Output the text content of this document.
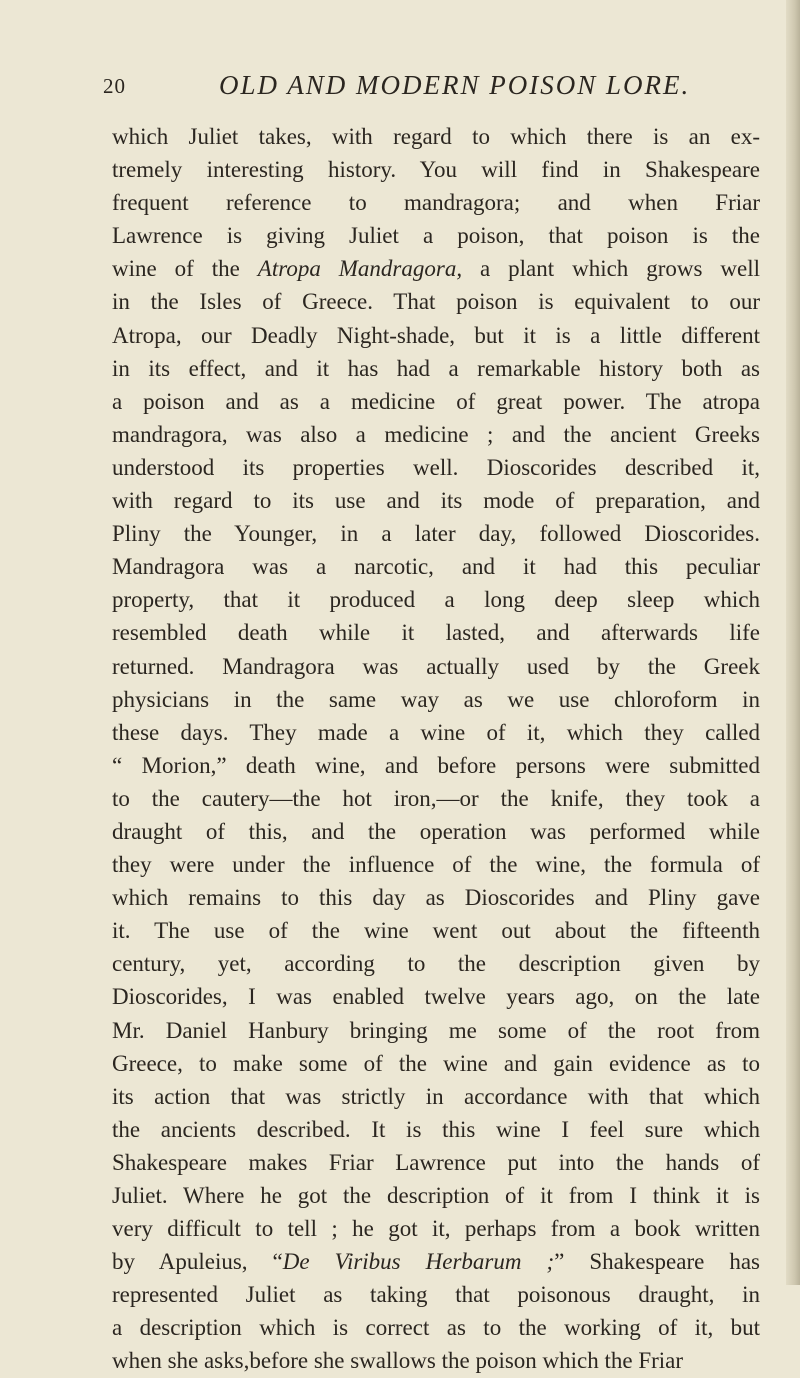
20	OLD AND MODERN POISON LORE.
which Juliet takes, with regard to which there is an ex-
tremely interesting history. You will find in Shakespeare
frequent reference to mandragora; and when Friar
Lawrence is giving Juliet a poison, that poison is the
wine of the Atropa Mandragora, a plant which grows well
in the Isles of Greece. That poison is equivalent to our
Atropa, our Deadly Night-shade, but it is a little different
in its effect, and it has had a remarkable history both as
a poison and as a medicine of great power. The atropa
mandragora, was also a medicine ; and the ancient Greeks
understood its properties well. Dioscorides described it,
with regard to its use and its mode of preparation, and
Pliny the Younger, in a later day, followed Dioscorides.
Mandragora was a narcotic, and it had this peculiar
property, that it produced a long deep sleep which
resembled death while it lasted, and afterwards life
returned. Mandragora was actually used by the Greek
physicians in the same way as we use chloroform in
these days. They made a wine of it, which they called
“ Morion,” death wine, and before persons were submitted
to the cautery—the hot iron,—or the knife, they took a
draught of this, and the operation was performed while
they were under the influence of the wine, the formula of
which remains to this day as Dioscorides and Pliny gave
it. The use of the wine went out about the fifteenth
century, yet, according to the description given by
Dioscorides, I was enabled twelve years ago, on the late
Mr. Daniel Hanbury bringing me some of the root from
Greece, to make some of the wine and gain evidence as to
its action that was strictly in accordance with that which
the ancients described. It is this wine I feel sure which
Shakespeare makes Friar Lawrence put into the hands of
Juliet. Where he got the description of it from I think it is
very difficult to tell ; he got it, perhaps from a book written
by Apuleius, “De Viribus Herbarum ;” Shakespeare has
represented Juliet as taking that poisonous draught, in
a description which is correct as to the working of it, but
when she asks,before she swallows the poison which the Friar
